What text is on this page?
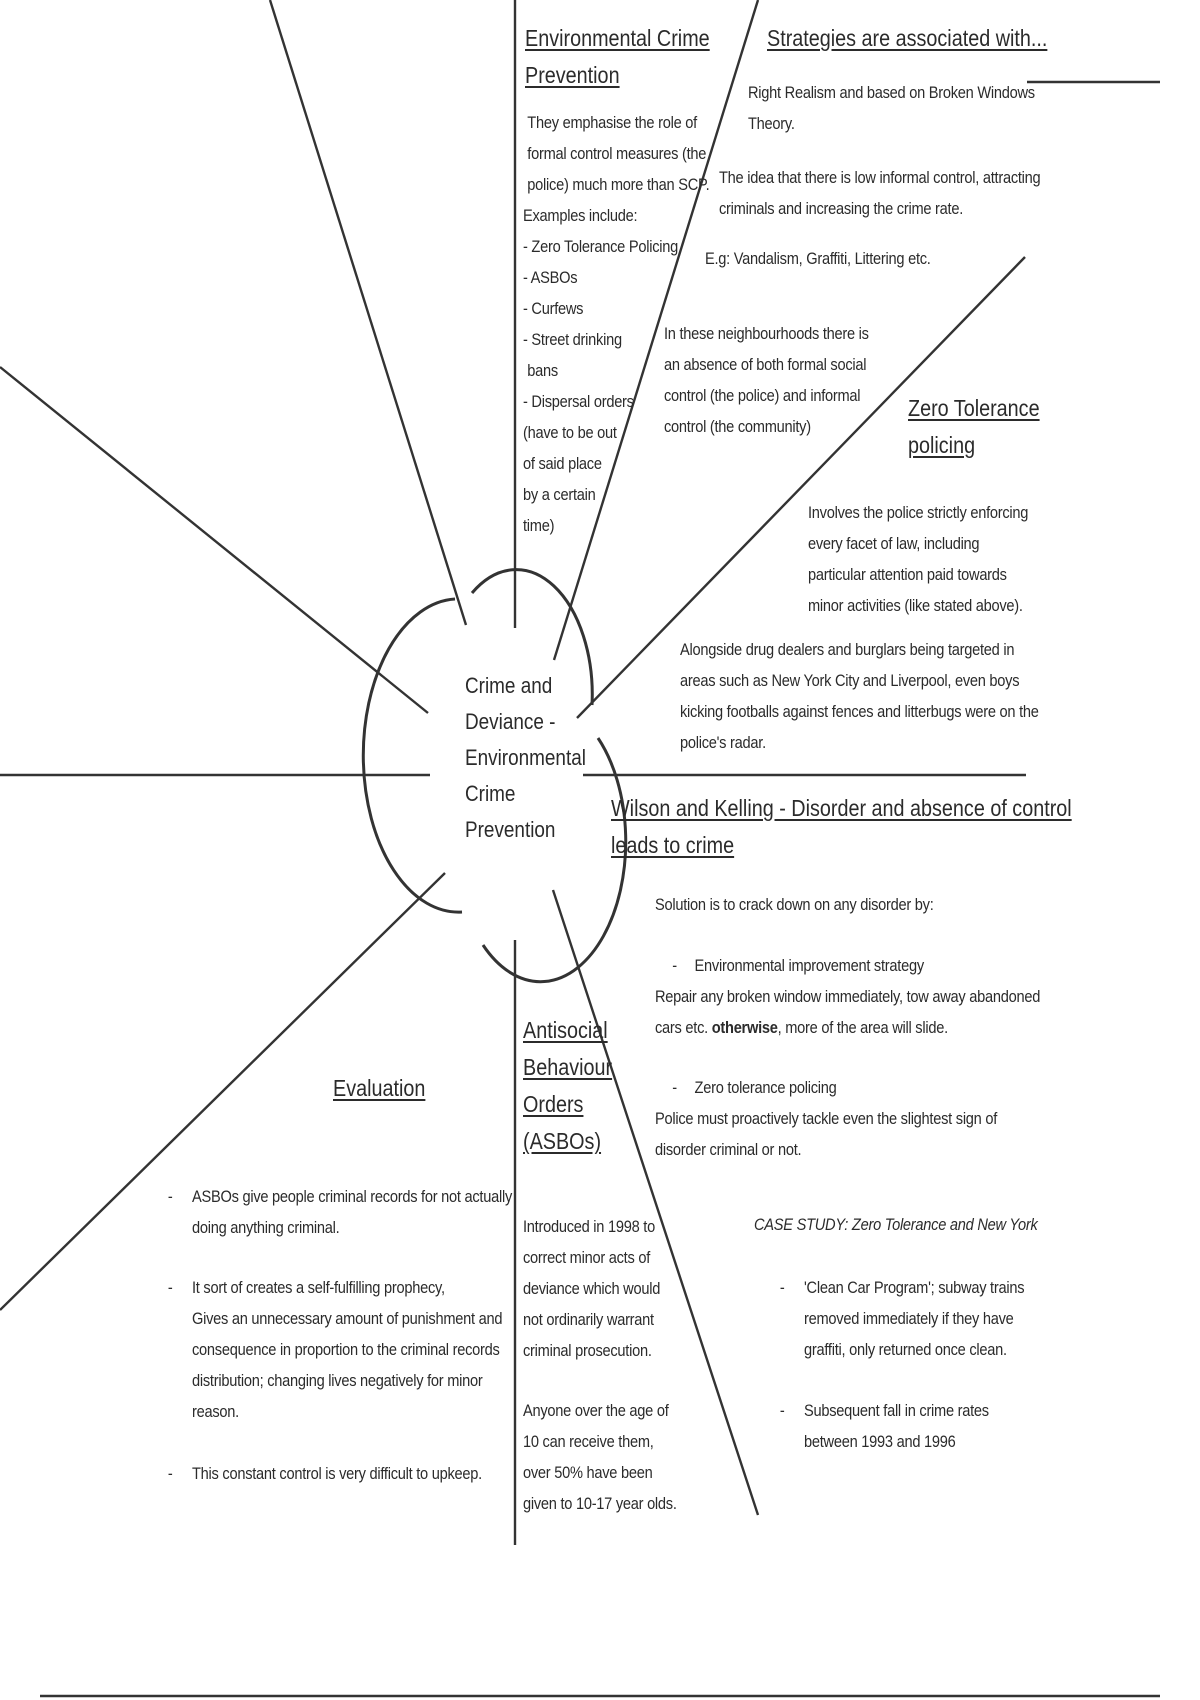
Crime and
Deviance -
Environmental
Crime
Prevention
Environmental Crime
Prevention
They emphasise the role of
formal control measures (the
police) much more than SCP.
Examples include:
- Zero Tolerance Policing
- ASBOs
- Curfews
- Street drinking
bans
- Dispersal orders
(have to be out
of said place
by a certain
time)
Strategies are associated with...
Right Realism and based on Broken Windows
Theory.
The idea that there is low informal control, attracting
criminals and increasing the crime rate.
E.g: Vandalism, Graffiti, Littering etc.
In these neighbourhoods there is
an absence of both formal social
control (the police) and informal
control (the community)
Zero Tolerance
policing
Involves the police strictly enforcing
every facet of law, including
particular attention paid towards
minor activities (like stated above).
Alongside drug dealers and burglars being targeted in
areas such as New York City and Liverpool, even boys
kicking footballs against fences and litterbugs were on the
police's radar.
Wilson and Kelling - Disorder and absence of control
leads to crime
Solution is to crack down on any disorder by:
- Environmental improvement strategy
Repair any broken window immediately, tow away abandoned
cars etc. otherwise, more of the area will slide.
- Zero tolerance policing
Police must proactively tackle even the slightest sign of
disorder criminal or not.
CASE STUDY: Zero Tolerance and New York
- 'Clean Car Program'; subway trains
removed immediately if they have
graffiti, only returned once clean.
- Subsequent fall in crime rates
between 1993 and 1996
Antisocial
Behaviour
Orders
(ASBOs)
Introduced in 1998 to
correct minor acts of
deviance which would
not ordinarily warrant
criminal prosecution.
Anyone over the age of
10 can receive them,
over 50% have been
given to 10-17 year olds.
Evaluation
- ASBOs give people criminal records for not actually
doing anything criminal.
- It sort of creates a self-fulfilling prophecy,
Gives an unnecessary amount of punishment and
consequence in proportion to the criminal records
distribution; changing lives negatively for minor
reason.
- This constant control is very difficult to upkeep.
